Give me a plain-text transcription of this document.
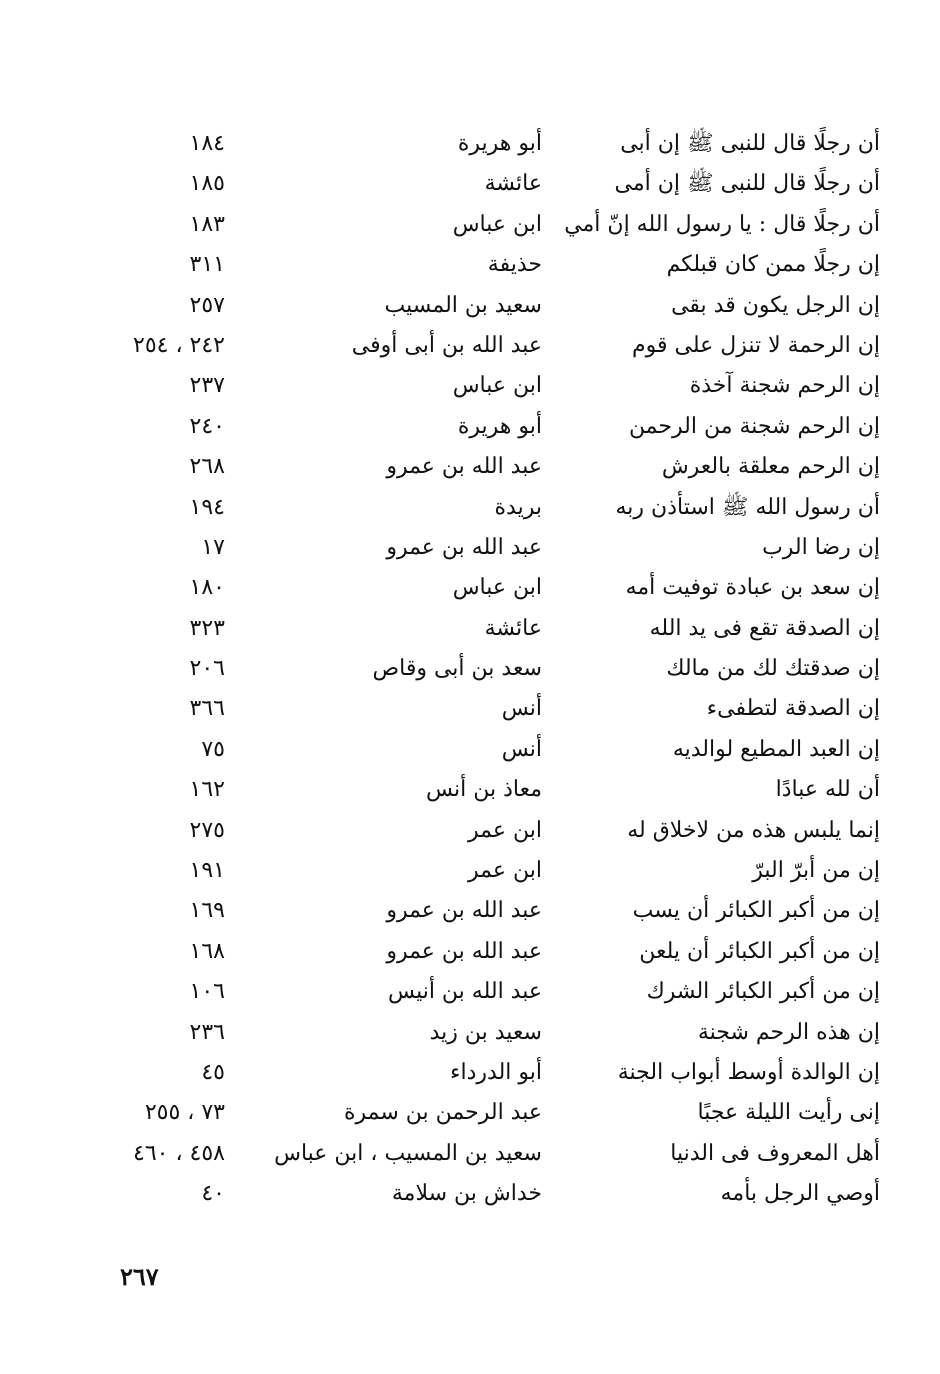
أن رجلًا قال للنبى ﷺ إن أبى
أبو هريرة
١٨٤
أن رجلًا قال للنبى ﷺ إن أمى
عائشة
١٨٥
أن رجلًا قال : يا رسول الله إنّ أمي
ابن عباس
١٨٣
إن رجلًا ممن كان قبلكم
حذيفة
٣١١
إن الرجل يكون قد بقى
سعيد بن المسيب
٢٥٧
إن الرحمة لا تنزل على قوم
عبد الله بن أبى أوفى
٢٤٢ ، ٢٥٤
إن الرحم شجنة آخذة
ابن عباس
٢٣٧
إن الرحم شجنة من الرحمن
أبو هريرة
٢٤٠
إن الرحم معلقة بالعرش
عبد الله بن عمرو
٢٦٨
أن رسول الله ﷺ استأذن ربه
بريدة
١٩٤
إن رضا الرب
عبد الله بن عمرو
١٧
إن سعد بن عبادة توفيت أمه
ابن عباس
١٨٠
إن الصدقة تقع فى يد الله
عائشة
٣٢٣
إن صدقتك لك من مالك
سعد بن أبى وقاص
٢٠٦
إن الصدقة لتطفىء
أنس
٣٦٦
إن العبد المطيع لوالديه
أنس
٧٥
أن لله عبادًا
معاذ بن أنس
١٦٢
إنما يلبس هذه من لاخلاق له
ابن عمر
٢٧٥
إن من أبرّ البرّ
ابن عمر
١٩١
إن من أكبر الكبائر أن يسب
عبد الله بن عمرو
١٦٩
إن من أكبر الكبائر أن يلعن
عبد الله بن عمرو
١٦٨
إن من أكبر الكبائر الشرك
عبد الله بن أنيس
١٠٦
إن هذه الرحم شجنة
سعيد بن زيد
٢٣٦
إن الوالدة أوسط أبواب الجنة
أبو الدرداء
٤٥
إنى رأيت الليلة عجبًا
عبد الرحمن بن سمرة
٧٣ ، ٢٥٥
أهل المعروف فى الدنيا
سعيد بن المسيب ، ابن عباس
٤٥٨ ، ٤٦٠
أوصي الرجل بأمه
خداش بن سلامة
٤٠
٢٦٧
